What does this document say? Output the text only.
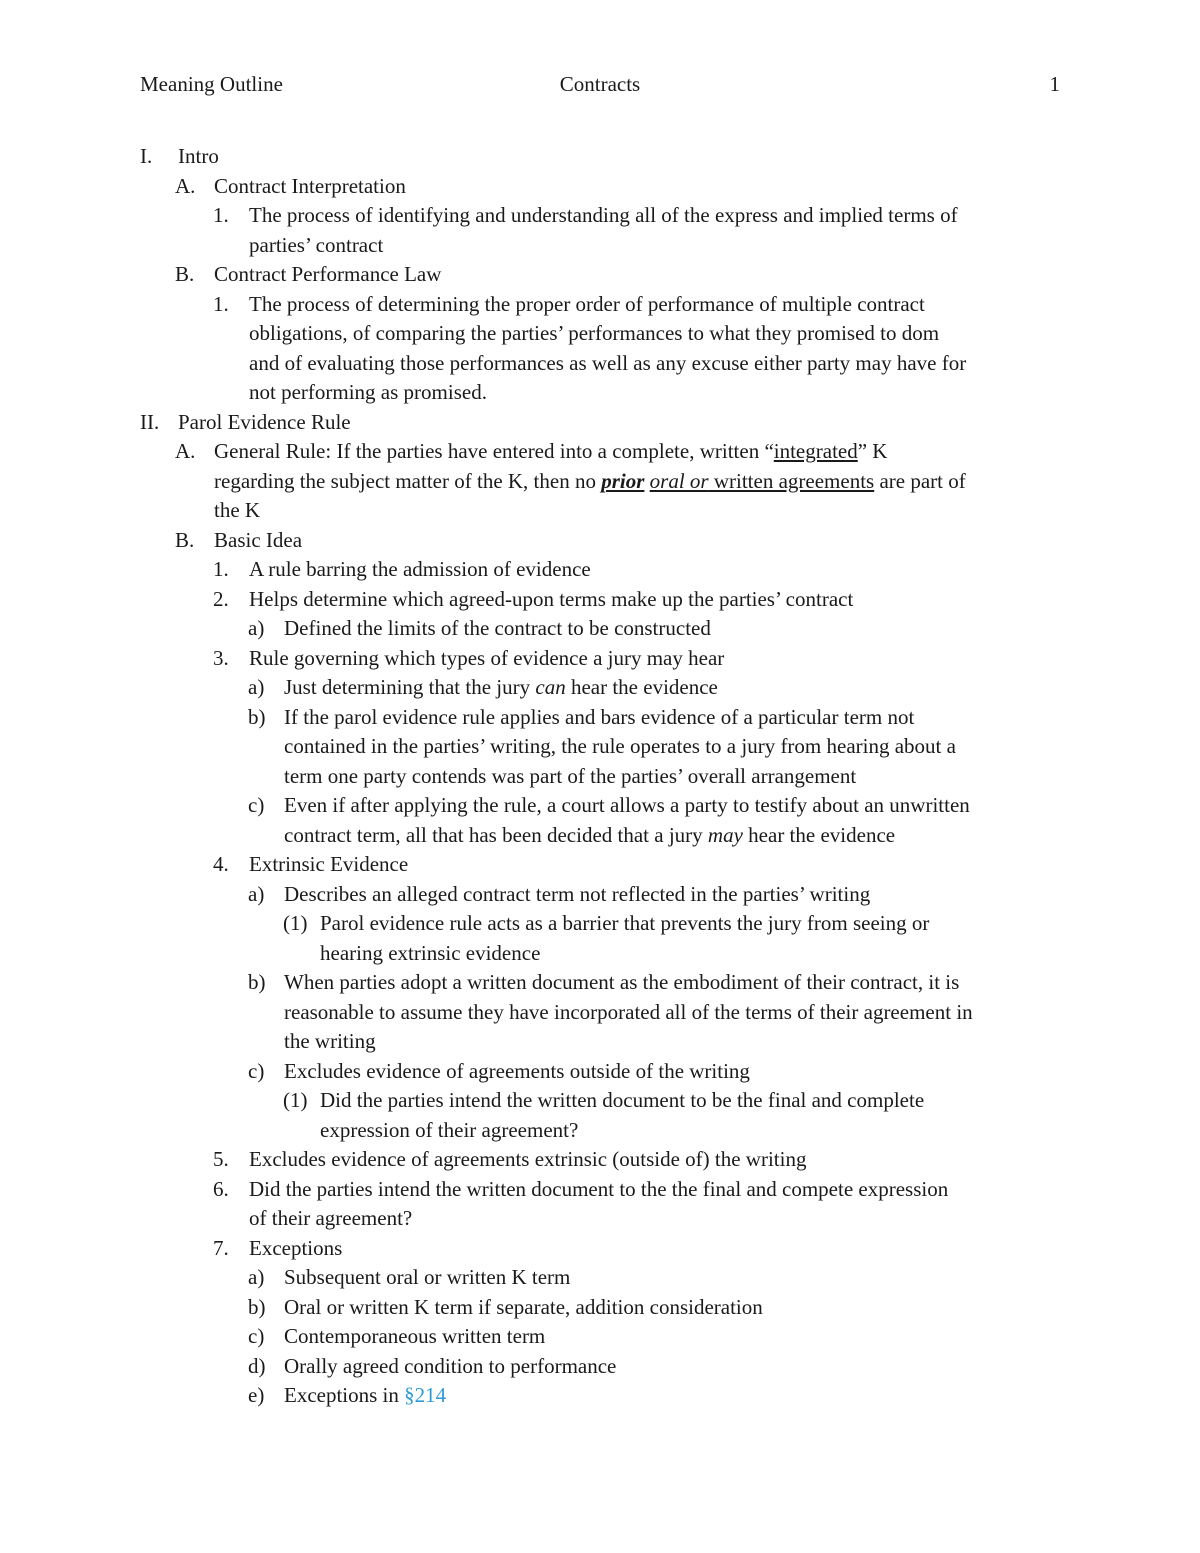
Contracts
Meaning Outline	1
I. Intro
A. Contract Interpretation
1. The process of identifying and understanding all of the express and implied terms of
parties’ contract
B. Contract Performance Law
1. The process of determining the proper order of performance of multiple contract
obligations, of comparing the parties’ performances to what they promised to dom
and of evaluating those performances as well as any excuse either party may have for
not performing as promised.
II. Parol Evidence Rule
A. General Rule: If the parties have entered into a complete, written “integrated” K
regarding the subject matter of the K, then no prior oral or written agreements are part of
the K
B. Basic Idea
1. A rule barring the admission of evidence
2. Helps determine which agreed-upon terms make up the parties’ contract
a) Defined the limits of the contract to be constructed
3. Rule governing which types of evidence a jury may hear
a) Just determining that the jury can hear the evidence
b) If the parol evidence rule applies and bars evidence of a particular term not
contained in the parties’ writing, the rule operates to a jury from hearing about a
term one party contends was part of the parties’ overall arrangement
c) Even if after applying the rule, a court allows a party to testify about an unwritten
contract term, all that has been decided that a jury may hear the evidence
4. Extrinsic Evidence
a) Describes an alleged contract term not reflected in the parties’ writing
(1) Parol evidence rule acts as a barrier that prevents the jury from seeing or
hearing extrinsic evidence
b) When parties adopt a written document as the embodiment of their contract, it is
reasonable to assume they have incorporated all of the terms of their agreement in
the writing
c) Excludes evidence of agreements outside of the writing
(1) Did the parties intend the written document to be the final and complete
expression of their agreement?
5. Excludes evidence of agreements extrinsic (outside of) the writing
6. Did the parties intend the written document to the the final and compete expression
of their agreement?
7. Exceptions
a) Subsequent oral or written K term
b) Oral or written K term if separate, addition consideration
c) Contemporaneous written term
d) Orally agreed condition to performance
e) Exceptions in §214
